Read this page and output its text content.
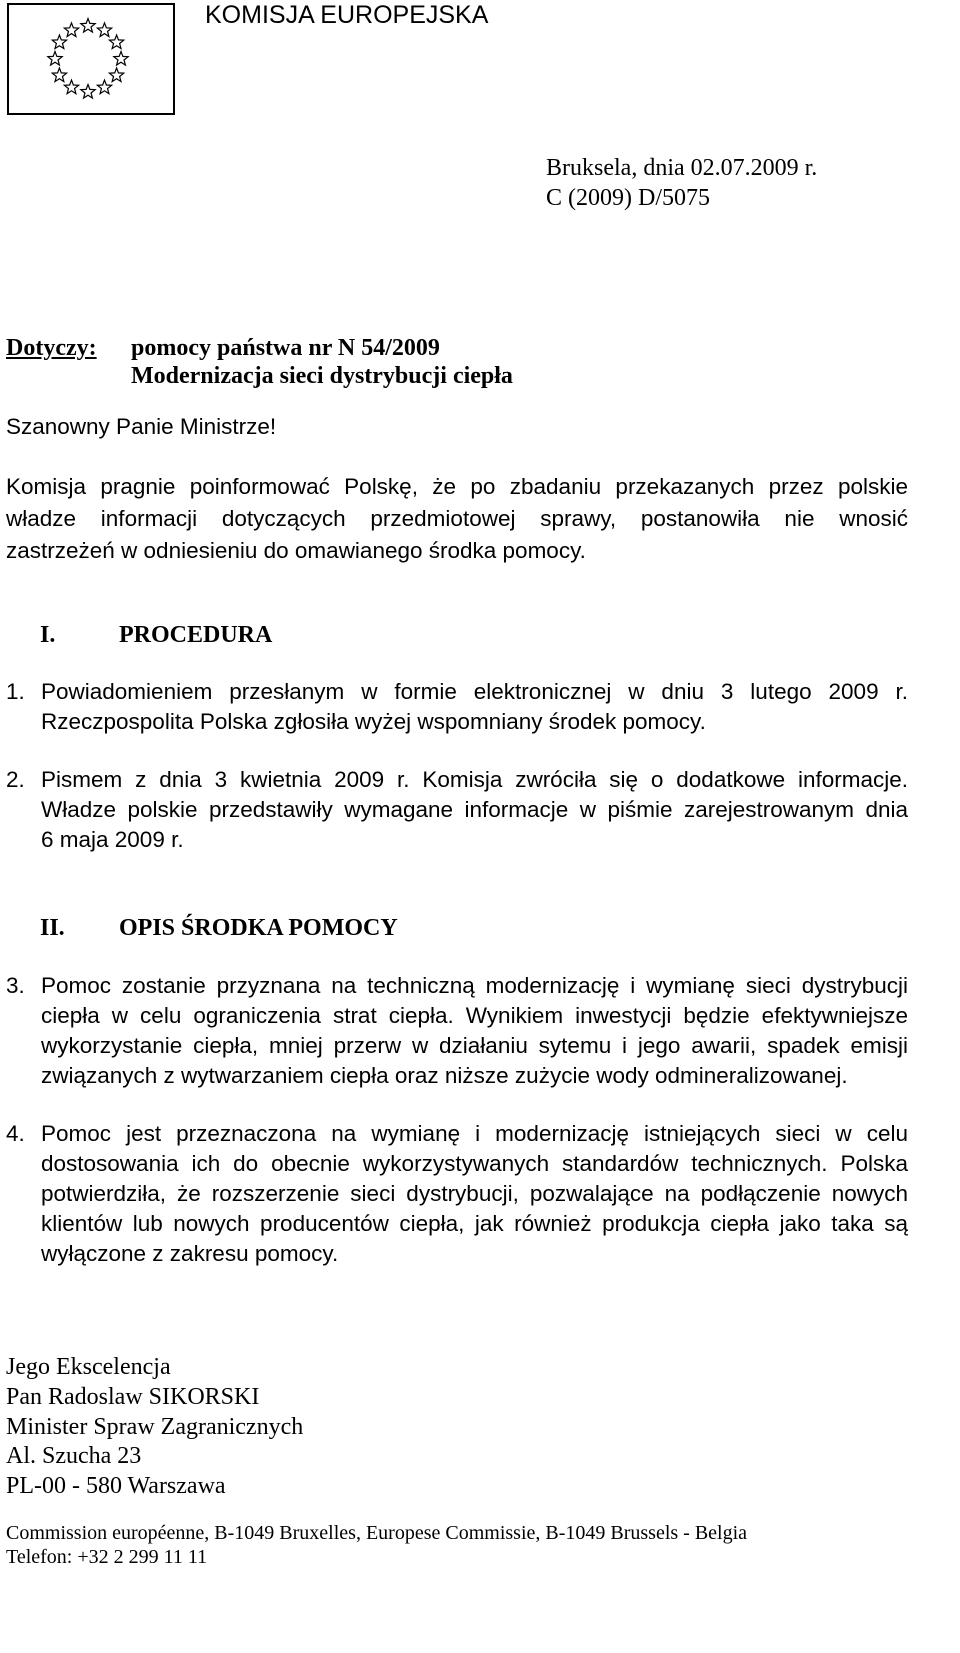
KOMISJA EUROPEJSKA
Bruksela, dnia 02.07.2009 r.
C (2009) D/5075
Dotyczy: pomocy państwa nr N 54/2009
Modernizacja sieci dystrybucji ciepła
Szanowny Panie Ministrze!
Komisja pragnie poinformować Polskę, że po zbadaniu przekazanych przez polskie
władze informacji dotyczących przedmiotowej sprawy, postanowiła nie wnosić
zastrzeżeń w odniesieniu do omawianego środka pomocy.
I.	PROCEDURA
1. Powiadomieniem przesłanym w formie elektronicznej w dniu 3 lutego 2009 r.
Rzeczpospolita Polska zgłosiła wyżej wspomniany środek pomocy.
2. Pismem z dnia 3 kwietnia 2009 r. Komisja zwróciła się o dodatkowe informacje.
Władze polskie przedstawiły wymagane informacje w piśmie zarejestrowanym dnia
6 maja 2009 r.
II. OPIS ŚRODKA POMOCY
3. Pomoc zostanie przyznana na techniczną modernizację i wymianę sieci dystrybucji
ciepła w celu ograniczenia strat ciepła. Wynikiem inwestycji będzie efektywniejsze
wykorzystanie ciepła, mniej przerw w działaniu sytemu i jego awarii, spadek emisji
związanych z wytwarzaniem ciepła oraz niższe zużycie wody odmineralizowanej.
4. Pomoc jest przeznaczona na wymianę i modernizację istniejących sieci w celu
dostosowania ich do obecnie wykorzystywanych standardów technicznych. Polska
potwierdziła, że rozszerzenie sieci dystrybucji, pozwalające na podłączenie nowych
klientów lub nowych producentów ciepła, jak również produkcja ciepła jako taka są
wyłączone z zakresu pomocy.
Jego Ekscelencja
Pan Radoslaw SIKORSKI
Minister Spraw Zagranicznych
Al. Szucha 23
PL-00 - 580 Warszawa
Commission européenne, B-1049 Bruxelles, Europese Commissie, B-1049 Brussels - Belgia
Telefon: +32 2 299 11 11
